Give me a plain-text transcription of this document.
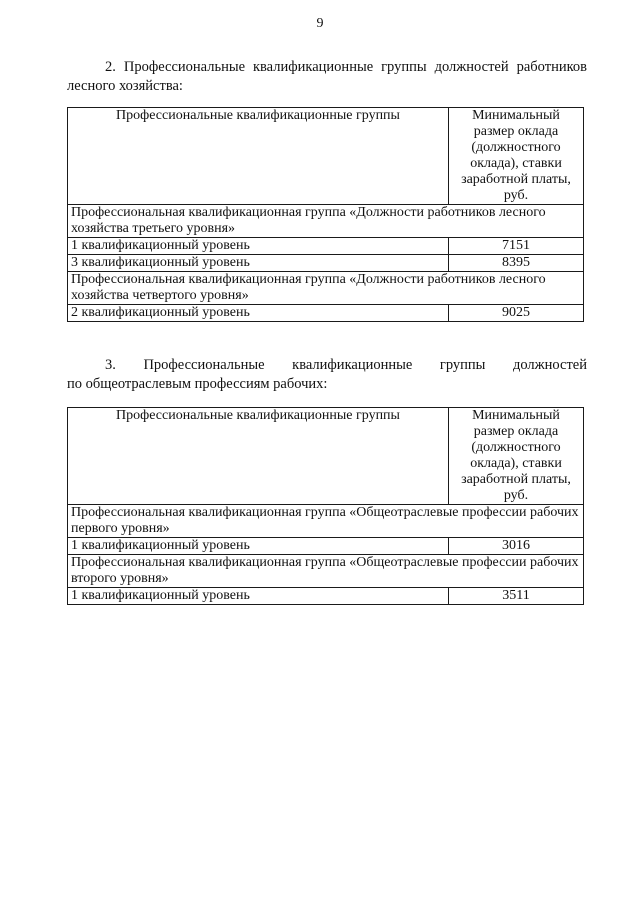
9
2. Профессиональные квалификационные группы должностей работников лесного хозяйства:
Профессиональные квалификационные группы	Минимальный размер оклада (должностного оклада), ставки заработной платы, руб.
Профессиональная квалификационная группа «Должности работников лесного хозяйства третьего уровня»	
1 квалификационный уровень	7151
3 квалификационный уровень	8395
Профессиональная квалификационная группа «Должности работников лесного хозяйства четвертого уровня»	
2 квалификационный уровень	9025
3. Профессиональные квалификационные группы должностей
по общеотраслевым профессиям рабочих:
Профессиональные квалификационные группы	Минимальный размер оклада (должностного оклада), ставки заработной платы, руб.
Профессиональная квалификационная группа «Общеотраслевые профессии рабочих первого уровня»	
1 квалификационный уровень	3016
Профессиональная квалификационная группа «Общеотраслевые профессии рабочих второго уровня»	
1 квалификационный уровень	3511
